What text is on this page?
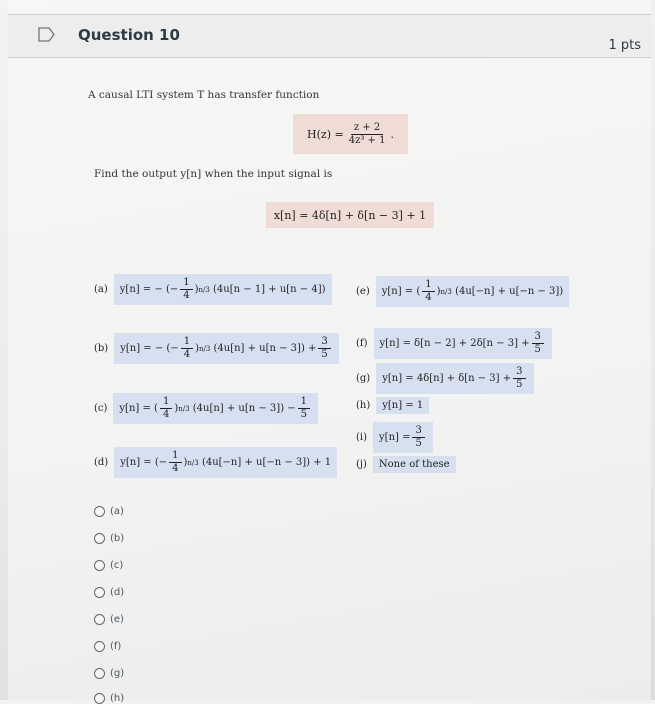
Question 10
1 pts
A causal LTI system T has transfer function
$H(z) = \frac{z + 2}{\text{4z³ + 1}}$ .
Find the output y[n] when the input signal is
x[n] = 4δ[n] + δ[n − 3] + 1
(a) y[n] = − (− $\frac{1}{4}$ ) n/3
(4u[n − 1] + u[n − 4])
(b) y[n] = − (− $\frac{1}{4}$ ) n/3
$(4u[n] + u[n - 3]) + \frac{3}{5}$
(c) y[n] = ( $\frac{1}{4}$ ) n/3
$(4u[n] + u[n - 3]) - \frac{1}{5}$
(d) y[n] = (− $\frac{1}{4}$ ) n/3
(4u[−n] + u[−n − 3]) + 1
(e) y[n] = ( $\frac{1}{4}$ ) n/3
(4u[−n] + u[−n − 3])
(f) $y[n] = \delta[n - 2] + 2\delta[n - 3] + \frac{3}{5}$
(g) $y[n] = 4\delta[n] + \delta[n - 3] + \frac{3}{5}$
(h)	y[n] = 1
(i) $y[n] = \frac{3}{5}$
(j)	None of these
(a)
(b)
(c)
(d)
(e)
(f)
(g)
(h)
